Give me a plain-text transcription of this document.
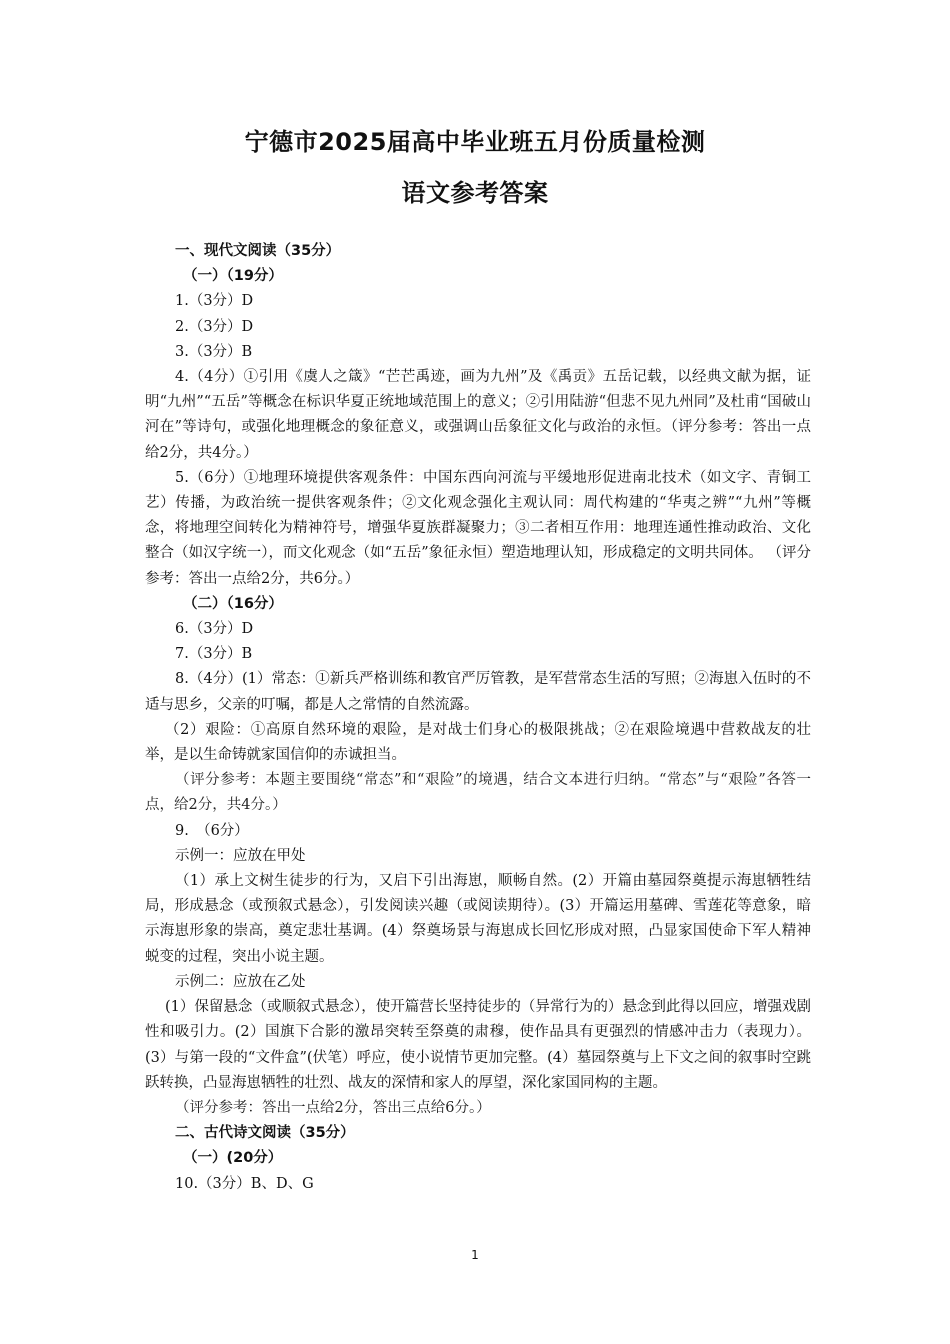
宁德市2025届高中毕业班五月份质量检测
语文参考答案

一、现代文阅读（35分）

（一）（19分）

1.（3分）D

2.（3分）D

3.（3分）B

4.（4分）①引用《虞人之箴》“芒芒禹迹，画为九州”及《禹贡》五岳记载，以经典文献为据，证明“九州”“五岳”等概念在标识华夏正统地域范围上的意义；②引用陆游“但悲不见九州同”及杜甫“国破山河在”等诗句，或强化地理概念的象征意义，或强调山岳象征文化与政治的永恒。（评分参考：答出一点给2分，共4分。）

5.（6分）①地理环境提供客观条件：中国东西向河流与平缓地形促进南北技术（如文字、青铜工艺）传播，为政治统一提供客观条件；②文化观念强化主观认同：周代构建的“华夷之辨”“九州”等概念，将地理空间转化为精神符号，增强华夏族群凝聚力；③二者相互作用：地理连通性推动政治、文化整合（如汉字统一），而文化观念（如“五岳”象征永恒）塑造地理认知，形成稳定的文明共同体。 （评分参考：答出一点给2分，共6分。）

（二）（16分）

6.（3分）D

7.（3分）B

8.（4分）(1）常态：①新兵严格训练和教官严厉管教，是军营常态生活的写照；②海崽入伍时的不适与思乡，父亲的叮嘱，都是人之常情的自然流露。

（2）艰险：①高原自然环境的艰险，是对战士们身心的极限挑战；②在艰险境遇中营救战友的壮举，是以生命铸就家国信仰的赤诚担当。

（评分参考：本题主要围绕“常态”和“艰险”的境遇，结合文本进行归纳。“常态”与“艰险”各答一点，给2分，共4分。）

9.　（6分）

示例一：应放在甲处

（1）承上文树生徒步的行为，又启下引出海崽，顺畅自然。(2）开篇由墓园祭奠提示海崽牺牲结局，形成悬念（或预叙式悬念），引发阅读兴趣（或阅读期待）。(3）开篇运用墓碑、雪莲花等意象，暗示海崽形象的崇高，奠定悲壮基调。(4）祭奠场景与海崽成长回忆形成对照，凸显家国使命下军人精神蜕变的过程，突出小说主题。

示例二：应放在乙处

(1）保留悬念（或顺叙式悬念），使开篇营长坚持徒步的（异常行为的）悬念到此得以回应，增强戏剧性和吸引力。(2）国旗下合影的激昂突转至祭奠的肃穆，使作品具有更强烈的情感冲击力（表现力）。(3）与第一段的“文件盒”(伏笔）呼应，使小说情节更加完整。(4）墓园祭奠与上下文之间的叙事时空跳跃转换，凸显海崽牺牲的壮烈、战友的深情和家人的厚望，深化家国同构的主题。

（评分参考：答出一点给2分，答出三点给6分。）

二、古代诗文阅读（35分）

（一）(20分）

10.（3分）B、D、G

1
